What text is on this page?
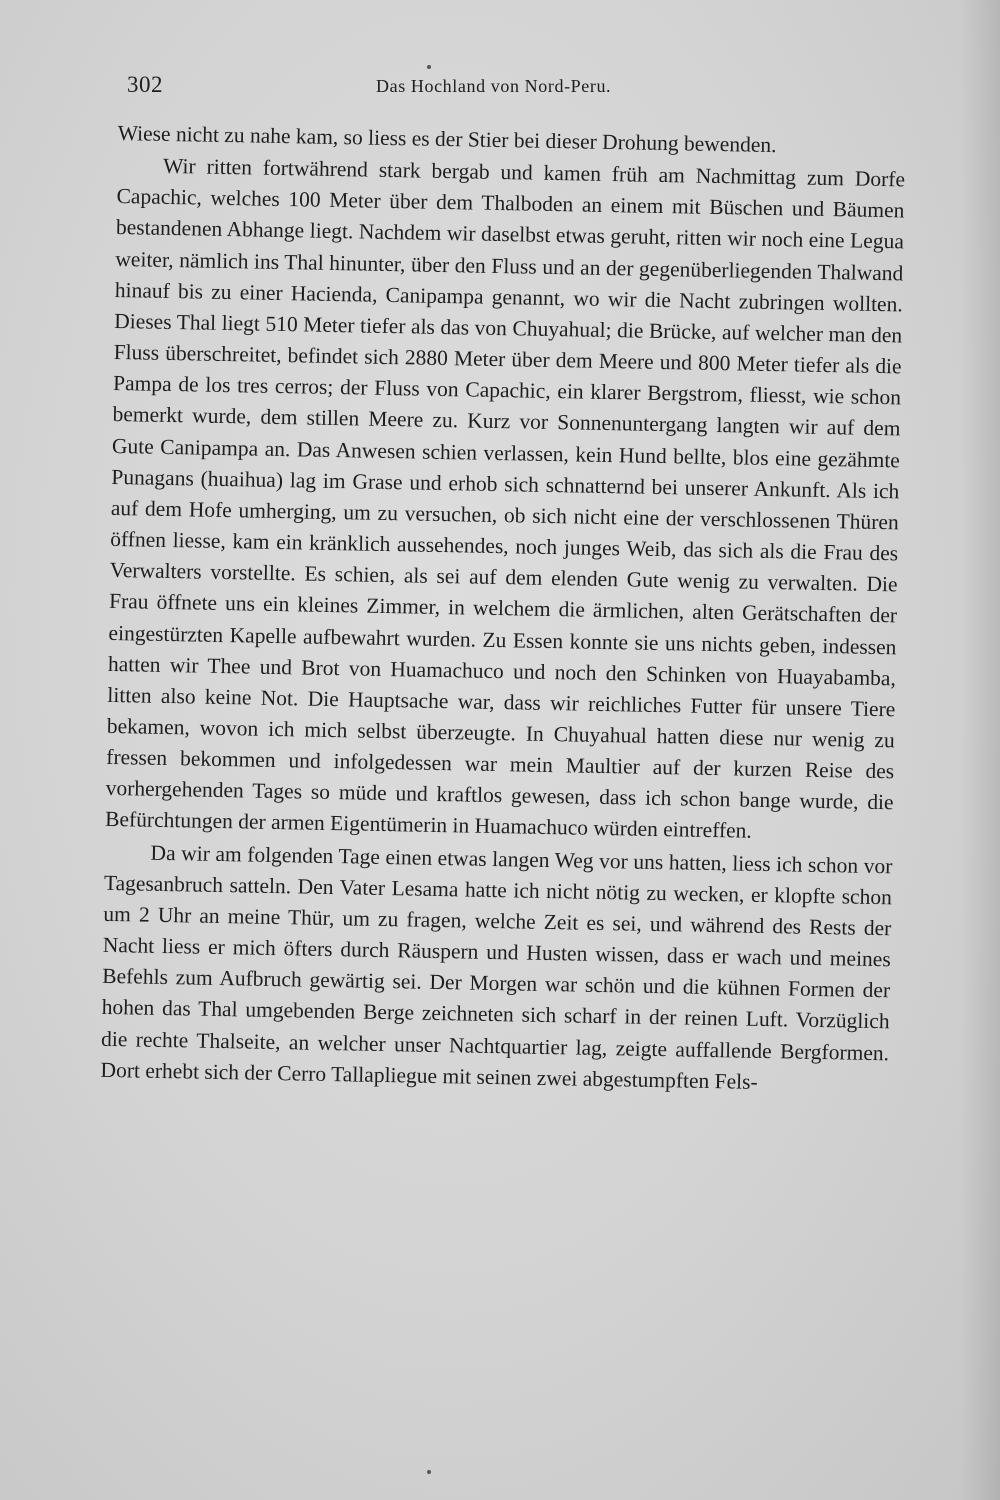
302	Das Hochland von Nord-Peru.

Wiese nicht zu nahe kam, so liess es der Stier bei dieser Drohung bewenden.

Wir ritten fortwährend stark bergab und kamen früh am Nachmittag zum Dorfe Capachic, welches 100 Meter über dem Thalboden an einem mit Büschen und Bäumen bestandenen Abhange liegt. Nachdem wir daselbst etwas geruht, ritten wir noch eine Legua weiter, nämlich ins Thal hinunter, über den Fluss und an der gegenüberliegenden Thalwand hinauf bis zu einer Hacienda, Canipampa genannt, wo wir die Nacht zubringen wollten. Dieses Thal liegt 510 Meter tiefer als das von Chuyahual; die Brücke, auf welcher man den Fluss überschreitet, befindet sich 2880 Meter über dem Meere und 800 Meter tiefer als die Pampa de los tres cerros; der Fluss von Capachic, ein klarer Bergstrom, fliesst, wie schon bemerkt wurde, dem stillen Meere zu. Kurz vor Sonnenuntergang langten wir auf dem Gute Canipampa an. Das Anwesen schien verlassen, kein Hund bellte, blos eine gezähmte Punagans (huaihua) lag im Grase und erhob sich schnatternd bei unserer Ankunft. Als ich auf dem Hofe umherging, um zu versuchen, ob sich nicht eine der verschlossenen Thüren öffnen liesse, kam ein kränklich aussehendes, noch junges Weib, das sich als die Frau des Verwalters vorstellte. Es schien, als sei auf dem elenden Gute wenig zu verwalten. Die Frau öffnete uns ein kleines Zimmer, in welchem die ärmlichen, alten Gerätschaften der eingestürzten Kapelle aufbewahrt wurden. Zu Essen konnte sie uns nichts geben, indessen hatten wir Thee und Brot von Huamachuco und noch den Schinken von Huayabamba, litten also keine Not. Die Hauptsache war, dass wir reichliches Futter für unsere Tiere bekamen, wovon ich mich selbst überzeugte. In Chuyahual hatten diese nur wenig zu fressen bekommen und infolgedessen war mein Maultier auf der kurzen Reise des vorhergehenden Tages so müde und kraftlos gewesen, dass ich schon bange wurde, die Befürchtungen der armen Eigentümerin in Huamachuco würden eintreffen.

Da wir am folgenden Tage einen etwas langen Weg vor uns hatten, liess ich schon vor Tagesanbruch satteln. Den Vater Lesama hatte ich nicht nötig zu wecken, er klopfte schon um 2 Uhr an meine Thür, um zu fragen, welche Zeit es sei, und während des Rests der Nacht liess er mich öfters durch Räuspern und Husten wissen, dass er wach und meines Befehls zum Aufbruch gewärtig sei. Der Morgen war schön und die kühnen Formen der hohen das Thal umgebenden Berge zeichneten sich scharf in der reinen Luft. Vorzüglich die rechte Thalseite, an welcher unser Nachtquartier lag, zeigte auffallende Bergformen. Dort erhebt sich der Cerro Tallapliegue mit seinen zwei abgestumpften Fels-
